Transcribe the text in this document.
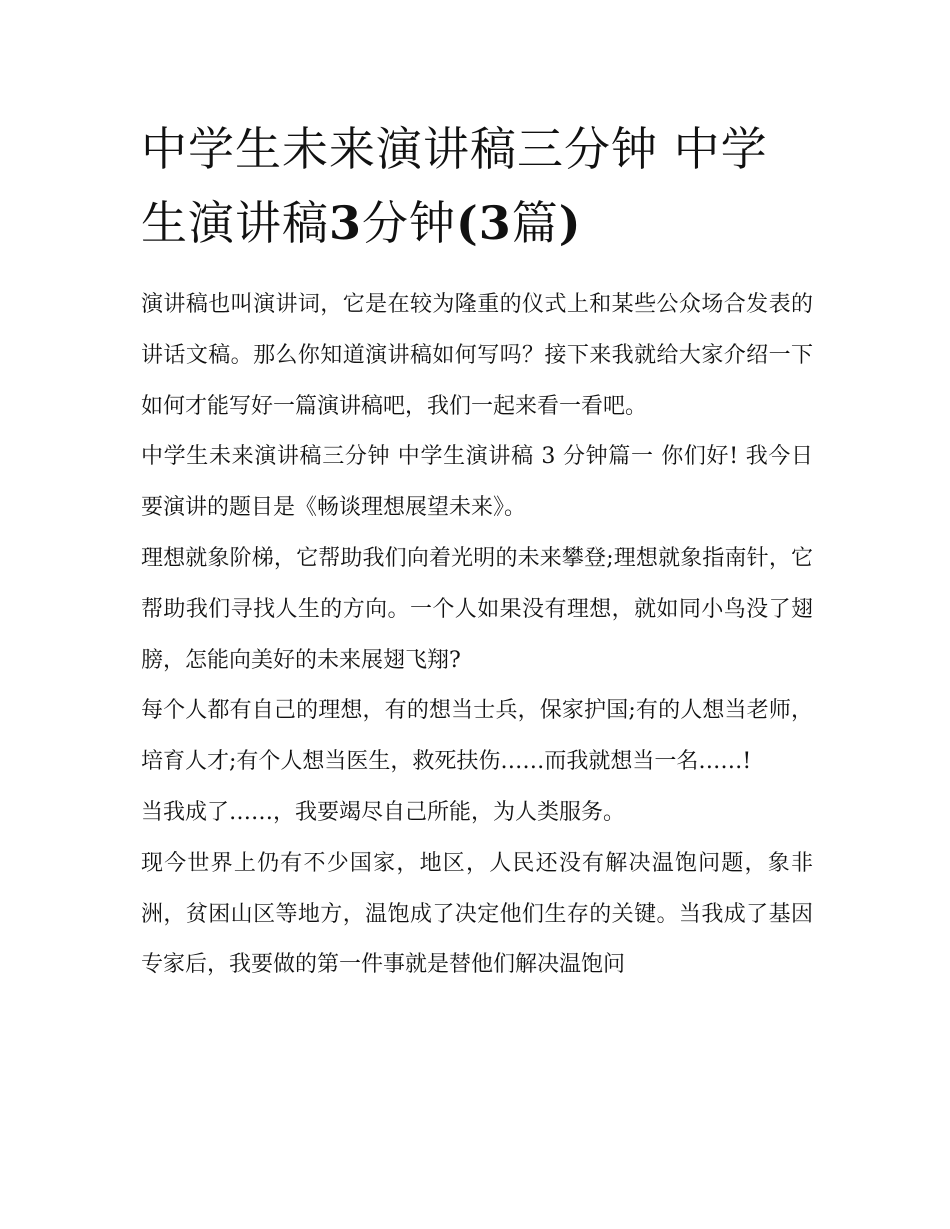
中学生未来演讲稿三分钟 中学生演讲稿3分钟(3篇)

演讲稿也叫演讲词，它是在较为隆重的仪式上和某些公众场合发表的讲话文稿。那么你知道演讲稿如何写吗？接下来我就给大家介绍一下如何才能写好一篇演讲稿吧，我们一起来看一看吧。

中学生未来演讲稿三分钟 中学生演讲稿 3 分钟篇一 你们好! 我今日要演讲的题目是《畅谈理想展望未来》。

理想就象阶梯，它帮助我们向着光明的未来攀登;理想就象指南针，它帮助我们寻找人生的方向。一个人如果没有理想，就如同小鸟没了翅膀，怎能向美好的未来展翅飞翔?

每个人都有自己的理想，有的想当士兵，保家护国;有的人想当老师，培育人才;有个人想当医生，救死扶伤……而我就想当一名……!

当我成了……，我要竭尽自己所能，为人类服务。

现今世界上仍有不少国家，地区，人民还没有解决温饱问题，象非洲，贫困山区等地方，温饱成了决定他们生存的关键。当我成了基因专家后，我要做的第一件事就是替他们解决温饱问
